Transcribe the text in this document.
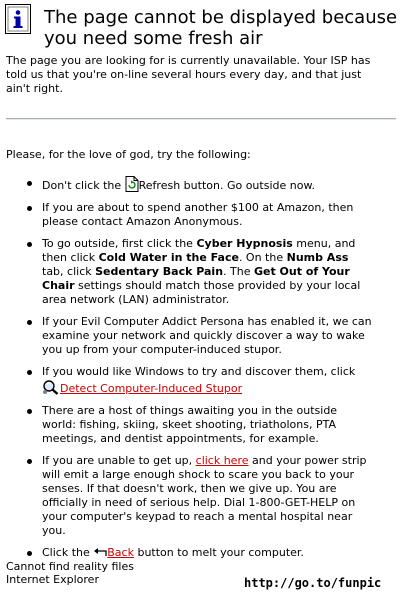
The page cannot be displayed because you need some fresh air
The page you are looking for is currently unavailable. Your ISP has told us that you're on-line several hours every day, and that just ain't right.
Please, for the love of god, try the following:
Don't click the Refresh button. Go outside now.
If you are about to spend another $100 at Amazon, then please contact Amazon Anonymous.
To go outside, first click the Cyber Hypnosis menu, and then click Cold Water in the Face. On the Numb Ass tab, click Sedentary Back Pain. The Get Out of Your Chair settings should match those provided by your local area network (LAN) administrator.
If your Evil Computer Addict Persona has enabled it, we can examine your network and quickly discover a way to wake you up from your computer-induced stupor.
If you would like Windows to try and discover them, click Detect Computer-Induced Stupor
There are a host of things awaiting you in the outside world: fishing, skiing, skeet shooting, triatholons, PTA meetings, and dentist appointments, for example.
If you are unable to get up, click here and your power strip will emit a large enough shock to scare you back to your senses. If that doesn't work, then we give up. You are officially in need of serious help. Dial 1-800-GET-HELP on your computer's keypad to reach a mental hospital near you.
Click the Back button to melt your computer.
Cannot find reality files
Internet Explorer	http://go.to/funpic
